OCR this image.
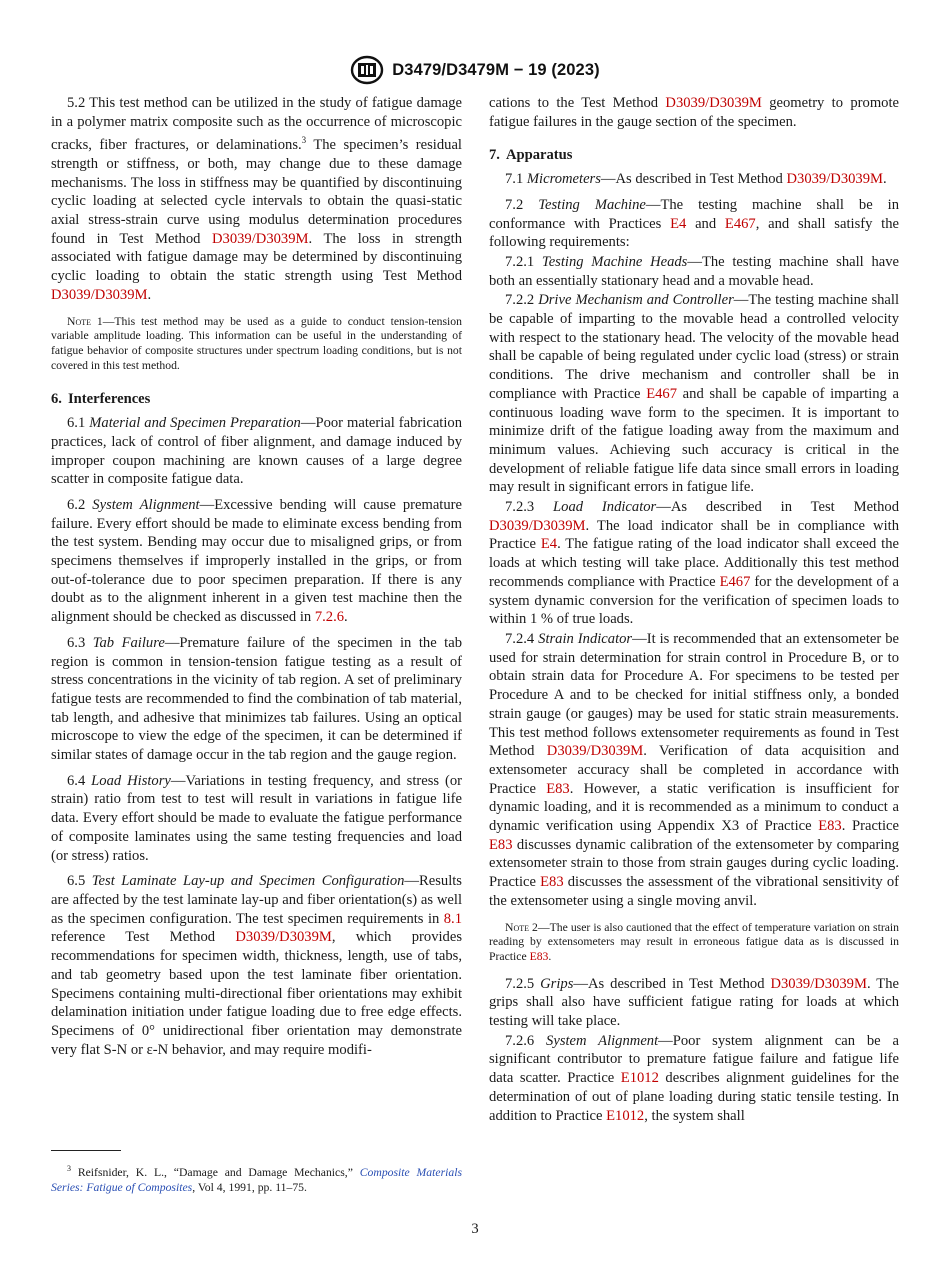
D3479/D3479M − 19 (2023)

5.2 This test method can be utilized in the study of fatigue damage in a polymer matrix composite such as the occurrence of microscopic cracks, fiber fractures, or delaminations.$^3$ The specimen’s residual strength or stiffness, or both, may change due to these damage mechanisms. The loss in stiffness may be quantified by discontinuing cyclic loading at selected cycle intervals to obtain the quasi-static axial stress-strain curve using modulus determination procedures found in Test Method D3039/D3039M. The loss in strength associated with fatigue damage may be determined by discontinuing cyclic loading to obtain the static strength using Test Method D3039/D3039M.

Note 1—This test method may be used as a guide to conduct tension-tension variable amplitude loading. This information can be useful in the understanding of fatigue behavior of composite structures under spectrum loading conditions, but is not covered in this test method.

6. Interferences

6.1 Material and Specimen Preparation—Poor material fabrication practices, lack of control of fiber alignment, and damage induced by improper coupon machining are known causes of a large degree scatter in composite fatigue data.

6.2 System Alignment—Excessive bending will cause premature failure. Every effort should be made to eliminate excess bending from the test system. Bending may occur due to misaligned grips, or from specimens themselves if improperly installed in the grips, or from out-of-tolerance due to poor specimen preparation. If there is any doubt as to the alignment inherent in a given test machine then the alignment should be checked as discussed in 7.2.6.

6.3 Tab Failure—Premature failure of the specimen in the tab region is common in tension-tension fatigue testing as a result of stress concentrations in the vicinity of tab region. A set of preliminary fatigue tests are recommended to find the combination of tab material, tab length, and adhesive that minimizes tab failures. Using an optical microscope to view the edge of the specimen, it can be determined if similar states of damage occur in the tab region and the gauge region.

6.4 Load History—Variations in testing frequency, and stress (or strain) ratio from test to test will result in variations in fatigue life data. Every effort should be made to evaluate the fatigue performance of composite laminates using the same testing frequencies and load (or stress) ratios.

6.5 Test Laminate Lay-up and Specimen Configuration—Results are affected by the test laminate lay-up and fiber orientation(s) as well as the specimen configuration. The test specimen requirements in 8.1 reference Test Method D3039/D3039M, which provides recommendations for specimen width, thickness, length, use of tabs, and tab geometry based upon the test laminate fiber orientation. Specimens containing multi-directional fiber orientations may exhibit delamination initiation under fatigue loading due to free edge effects. Specimens of 0° unidirectional fiber orientation may demonstrate very flat S-N or ε-N behavior, and may require modifi-

$^3$ Reifsnider, K. L., “Damage and Damage Mechanics,” Composite Materials Series: Fatigue of Composites, Vol 4, 1991, pp. 11–75.

cations to the Test Method D3039/D3039M geometry to promote fatigue failures in the gauge section of the specimen.

7. Apparatus

7.1 Micrometers—As described in Test Method D3039/D3039M.

7.2 Testing Machine—The testing machine shall be in conformance with Practices E4 and E467, and shall satisfy the following requirements:

7.2.1 Testing Machine Heads—The testing machine shall have both an essentially stationary head and a movable head.

7.2.2 Drive Mechanism and Controller—The testing machine shall be capable of imparting to the movable head a controlled velocity with respect to the stationary head. The velocity of the movable head shall be capable of being regulated under cyclic load (stress) or strain conditions. The drive mechanism and controller shall be in compliance with Practice E467 and shall be capable of imparting a continuous loading wave form to the specimen. It is important to minimize drift of the fatigue loading away from the maximum and minimum values. Achieving such accuracy is critical in the development of reliable fatigue life data since small errors in loading may result in significant errors in fatigue life.

7.2.3 Load Indicator—As described in Test Method D3039/D3039M. The load indicator shall be in compliance with Practice E4. The fatigue rating of the load indicator shall exceed the loads at which testing will take place. Additionally this test method recommends compliance with Practice E467 for the development of a system dynamic conversion for the verification of specimen loads to within 1 % of true loads.

7.2.4 Strain Indicator—It is recommended that an extensometer be used for strain determination for strain control in Procedure B, or to obtain strain data for Procedure A. For specimens to be tested per Procedure A and to be checked for initial stiffness only, a bonded strain gauge (or gauges) may be used for static strain measurements. This test method follows extensometer requirements as found in Test Method D3039/D3039M. Verification of data acquisition and extensometer accuracy shall be completed in accordance with Practice E83. However, a static verification is insufficient for dynamic loading, and it is recommended as a minimum to conduct a dynamic verification using Appendix X3 of Practice E83. Practice E83 discusses dynamic calibration of the extensometer by comparing extensometer strain to those from strain gauges during cyclic loading. Practice E83 discusses the assessment of the vibrational sensitivity of the extensometer using a single moving anvil.

Note 2—The user is also cautioned that the effect of temperature variation on strain reading by extensometers may result in erroneous fatigue data as is discussed in Practice E83.

7.2.5 Grips—As described in Test Method D3039/D3039M. The grips shall also have sufficient fatigue rating for loads at which testing will take place.

7.2.6 System Alignment—Poor system alignment can be a significant contributor to premature fatigue failure and fatigue life data scatter. Practice E1012 describes alignment guidelines for the determination of out of plane loading during static tensile testing. In addition to Practice E1012, the system shall

3
